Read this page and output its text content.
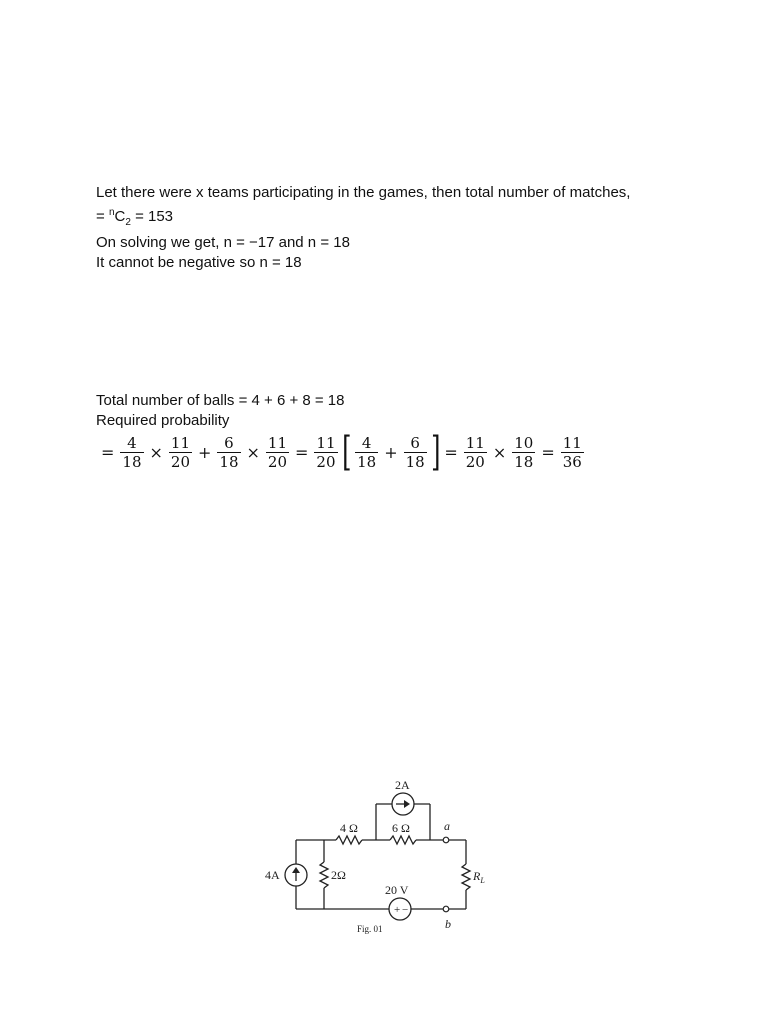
Let there were x teams participating in the games, then total number of matches,
= $^nC_2 = 153$
On solving we get, n = −17 and n = 18
It cannot be negative so n = 18
Total number of balls = 4 + 6 + 8 = 18
Required probability
= $\frac{4}{18} \times \frac{11}{20} + \frac{6}{18} \times \frac{11}{20} = \frac{11}{20}$ [ $\frac{4}{18} + \frac{6}{18}$ ] = $\frac{11}{20} \times \frac{10}{18} = \frac{11}{36}$
+ −
2A
4 Ω	6 Ω	a
4A	2Ω
20 V
$R_L$
b
Fig. 01
